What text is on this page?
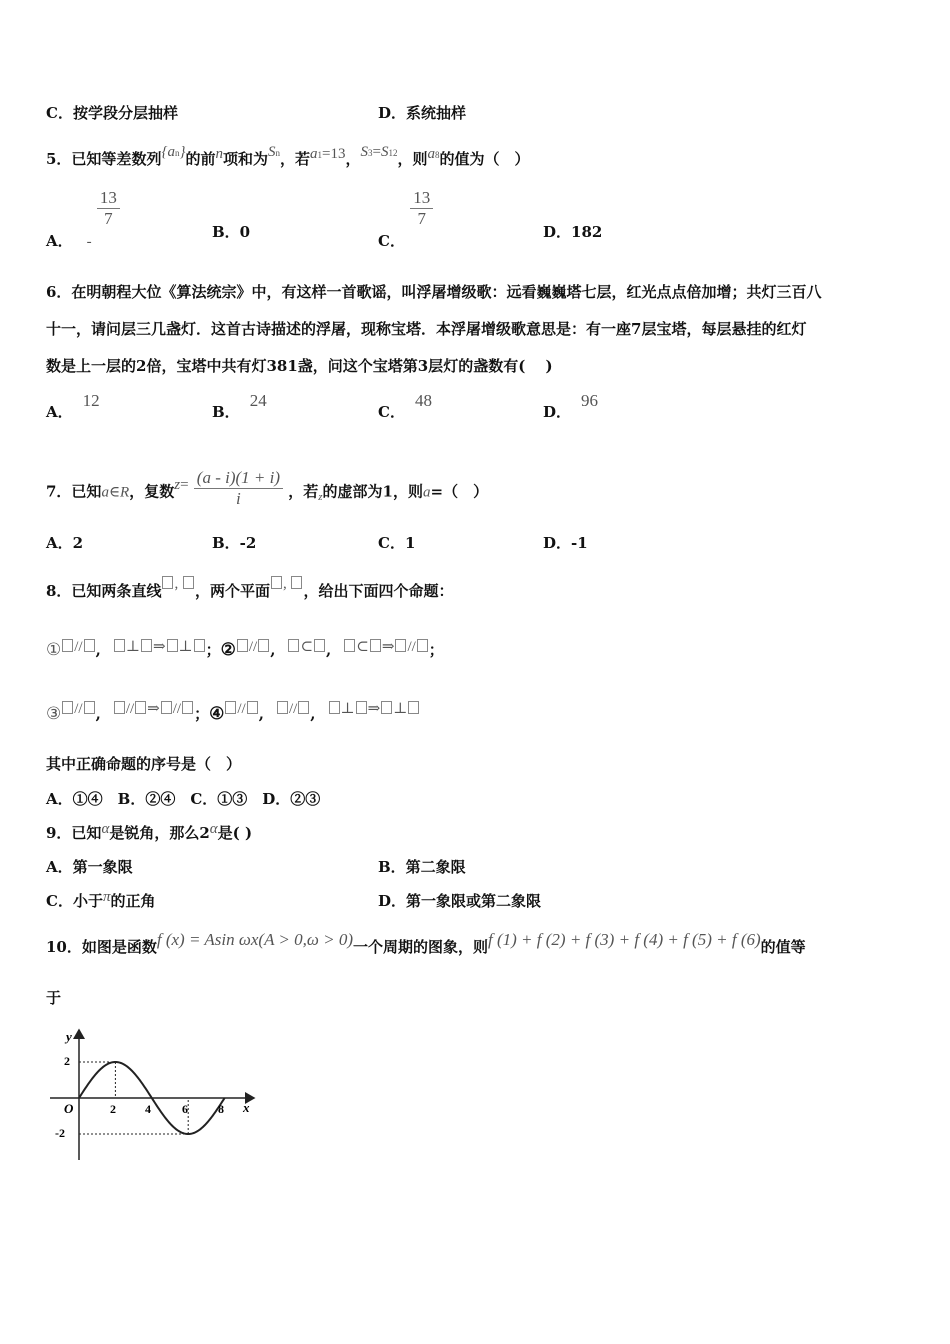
C．按学段分层抽样	D．系统抽样
5．已知等差数列{an}的前n项和为Sn，若a1=13，S3=S12，则a8的值为（　）
A． -
$\frac{13}{7}$
B．0	C．
$\frac{13}{7}$
D．182
6．在明朝程大位《算法统宗》中，有这样一首歌谣，叫浮屠增级歌：远看巍巍塔七层，红光点点倍加增；共灯三百八
十一，请问层三几盏灯．这首古诗描述的浮屠，现称宝塔．本浮屠增级歌意思是：有一座7层宝塔，每层悬挂的红灯
数是上一层的2倍，宝塔中共有灯381盏，问这个宝塔第3层灯的盏数有(　 )
A．12
B．24
C．48
D．96
7．已知a∈R，复数$z= \frac{(a - i)(1 + i)}{i}$ ，若$_z$的虚部为1，则a=（　）
A．2	B．-2	C．1	D．-1
8．已知两条直线 , ，两个平面 , ，给出下面四个命题：
① // , ⊥ ⇒ ⊥ ；② // , ⊂ , ⊂ ⇒ // ；
③ // , // ⇒ // ；④ // , // , ⊥ ⇒ ⊥
其中正确命题的序号是（　）
A．①④　B．②④　C．①③　D．②③
9．已知α是锐角，那么2α是( )
A．第一象限	B．第二象限
C．小于π的正角	D．第一象限或第二象限
10．如图是函数f (x) = Asin ωx(A > 0,ω > 0)一个周期的图象，则f (1) + f (2) + f (3) + f (4) + f (5) + f (6)的值等
于
y
x
O
2
-2
2 4	6	8
